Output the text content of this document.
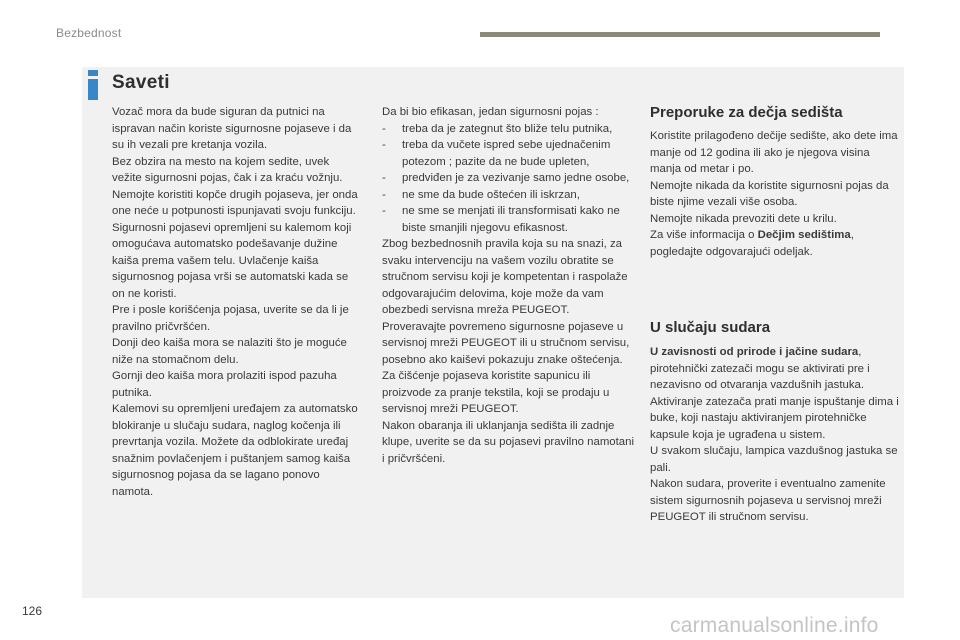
Bezbednost
Saveti

Vozač mora da bude siguran da putnici na ispravan način koriste sigurnosne pojaseve i da su ih vezali pre kretanja vozila.

Bez obzira na mesto na kojem sedite, uvek vežite sigurnosni pojas, čak i za kraću vožnju.

Nemojte koristiti kopče drugih pojaseva, jer onda one neće u potpunosti ispunjavati svoju funkciju.

Sigurnosni pojasevi opremljeni su kalemom koji omogućava automatsko podešavanje dužine kaiša prema vašem telu. Uvlačenje kaiša sigurnosnog pojasa vrši se automatski kada se on ne koristi.

Pre i posle korišćenja pojasa, uverite se da li je pravilno pričvršćen.

Donji deo kaiša mora se nalaziti što je moguće niže na stomačnom delu.

Gornji deo kaiša mora prolaziti ispod pazuha putnika.

Kalemovi su opremljeni uređajem za automatsko blokiranje u slučaju sudara, naglog kočenja ili prevrtanja vozila. Možete da odblokirate uređaj snažnim povlačenjem i puštanjem samog kaiša sigurnosnog pojasa da se lagano ponovo namota.

Da bi bio efikasan, jedan sigurnosni pojas :

-	treba da je zategnut što bliže telu putnika,
-	treba da vučete ispred sebe ujednačenim potezom ; pazite da ne bude upleten,
-	predviđen je za vezivanje samo jedne osobe,
-	ne sme da bude oštećen ili iskrzan,
-	ne sme se menjati ili transformisati kako ne biste smanjili njegovu efikasnost.

Zbog bezbednosnih pravila koja su na snazi, za svaku intervenciju na vašem vozilu obratite se stručnom servisu koji je kompetentan i raspolaže odgovarajućim delovima, koje može da vam obezbedi servisna mreža PEUGEOT.

Proveravajte povremeno sigurnosne pojaseve u servisnoj mreži PEUGEOT ili u stručnom servisu, posebno ako kaiševi pokazuju znake oštećenja.

Za čišćenje pojaseva koristite sapunicu ili proizvode za pranje tekstila, koji se prodaju u servisnoj mreži PEUGEOT.

Nakon obaranja ili uklanjanja sedišta ili zadnje klupe, uverite se da su pojasevi pravilno namotani i pričvršćeni.

Preporuke za dečja sedišta

Koristite prilagođeno dečije sedište, ako dete ima manje od 12 godina ili ako je njegova visina manja od metar i po.

Nemojte nikada da koristite sigurnosni pojas da biste njime vezali više osoba.

Nemojte nikada prevoziti dete u krilu.

Za više informacija o Dečjim sedištima, pogledajte odgovarajući odeljak.

U slučaju sudara

U zavisnosti od prirode i jačine sudara, pirotehnički zatezači mogu se aktivirati pre i nezavisno od otvaranja vazdušnih jastuka.

Aktiviranje zatezača prati manje ispuštanje dima i buke, koji nastaju aktiviranjem pirotehničke kapsule koja je ugrađena u sistem.

U svakom slučaju, lampica vazdušnog jastuka se pali.

Nakon sudara, proverite i eventualno zamenite sistem sigurnosnih pojaseva u servisnoj mreži PEUGEOT ili stručnom servisu.

126
carmanualsonline.info
